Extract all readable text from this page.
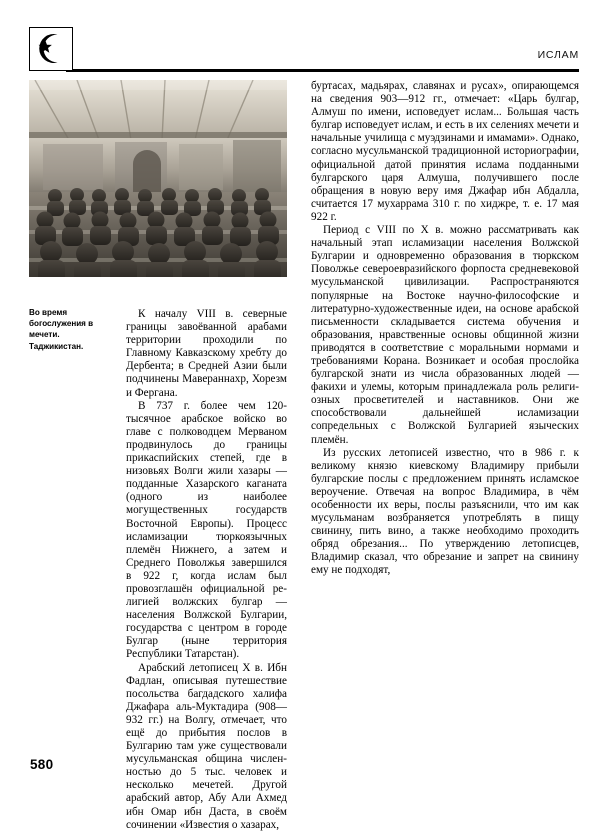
ИСЛАМ
Во время богослужения в мечети. Таджикистан.

К началу VIII в. северные границы завоёванной арабами территории проходили по Главному Кавказскому хребту до Дербента; в Средней Азии были подчинены Мавераннахр, Хорезм и Фергана.

В 737 г. более чем 120-тысячное арабское войско во главе с полководцем Мерваном продвинулось до границы прикаспийских степей, где в низовьях Волги жили хазары — подданные Хазарского каганата (одного из наиболее могущественных государств Восточной Европы). Процесс исламизации тюркоязычных племён Нижнего, а затем и Среднего Поволжья завершился в 922 г, когда ислам был провозглашён официальной религией волжских булгар — населения Волжской Булгарии, государства с центром в городе Булгар (ныне территория Республики Татарстан).

Арабский летописец Х в. Ибн Фадлан, описывая путешествие посольства багдадского халифа Джафара аль-Муктадира (908—932 гг.) на Волгу, отмечает, что ещё до прибытия послов в Булгарию там уже существовали мусульманская община численностью до 5 тыс. человек и несколько мечетей. Другой арабский автор, Абу Али Ахмед ибн Омар ибн Даста, в своём сочинении «Известия о хазарах,

буртасах, мадьярах, славянах и русах», опирающемся на сведения 903—912 гг., отмечает: «Царь булгар, Алмуш по имени, исповедует ислам... Большая часть булгар исповедует ислам, и есть в их селениях мечети и начальные училища с муэдзинами и имамами». Однако, согласно мусульманской традиционной историографии, официальной датой принятия ислама подданными булгарского царя Алмуша, получившего после обращения в новую веру имя Джафар ибн Абдалла, считается 17 мухаррама 310 г. по хиджре, т. е. 17 мая 922 г.

Период с VIII по X в. можно рассматривать как начальный этап исламизации населения Волжской Булгарии и одновременно образования в тюркском Поволжье североевразийского форпоста средневековой мусульманской цивилизации. Распространяются популярные на Востоке научно-философские и литературно-художественные идеи, на основе арабской письменности складывается система обучения и образования, нравственные основы общинной жизни приводятся в соответствие с моральными нормами и требованиями Корана. Возникает и особая прослойка булгарской знати из числа образованных людей — факихи и улемы, которым принадлежала роль религиозных просветителей и наставников. Они же способствовали дальнейшей исламизации сопредельных с Волжской Булгарией языческих племён.

Из русских летописей известно, что в 986 г. к великому князю киевскому Владимиру прибыли булгарские послы с предложением принять исламское вероучение. Отвечая на вопрос Владимира, в чём особенности их веры, послы разъяснили, что им как мусульманам возбраняется употреблять в пищу свинину, пить вино, а также необходимо проходить обряд обрезания... По утверждению летописцев, Владимир сказал, что обрезание и запрет на свинину ему не подходят,

580
